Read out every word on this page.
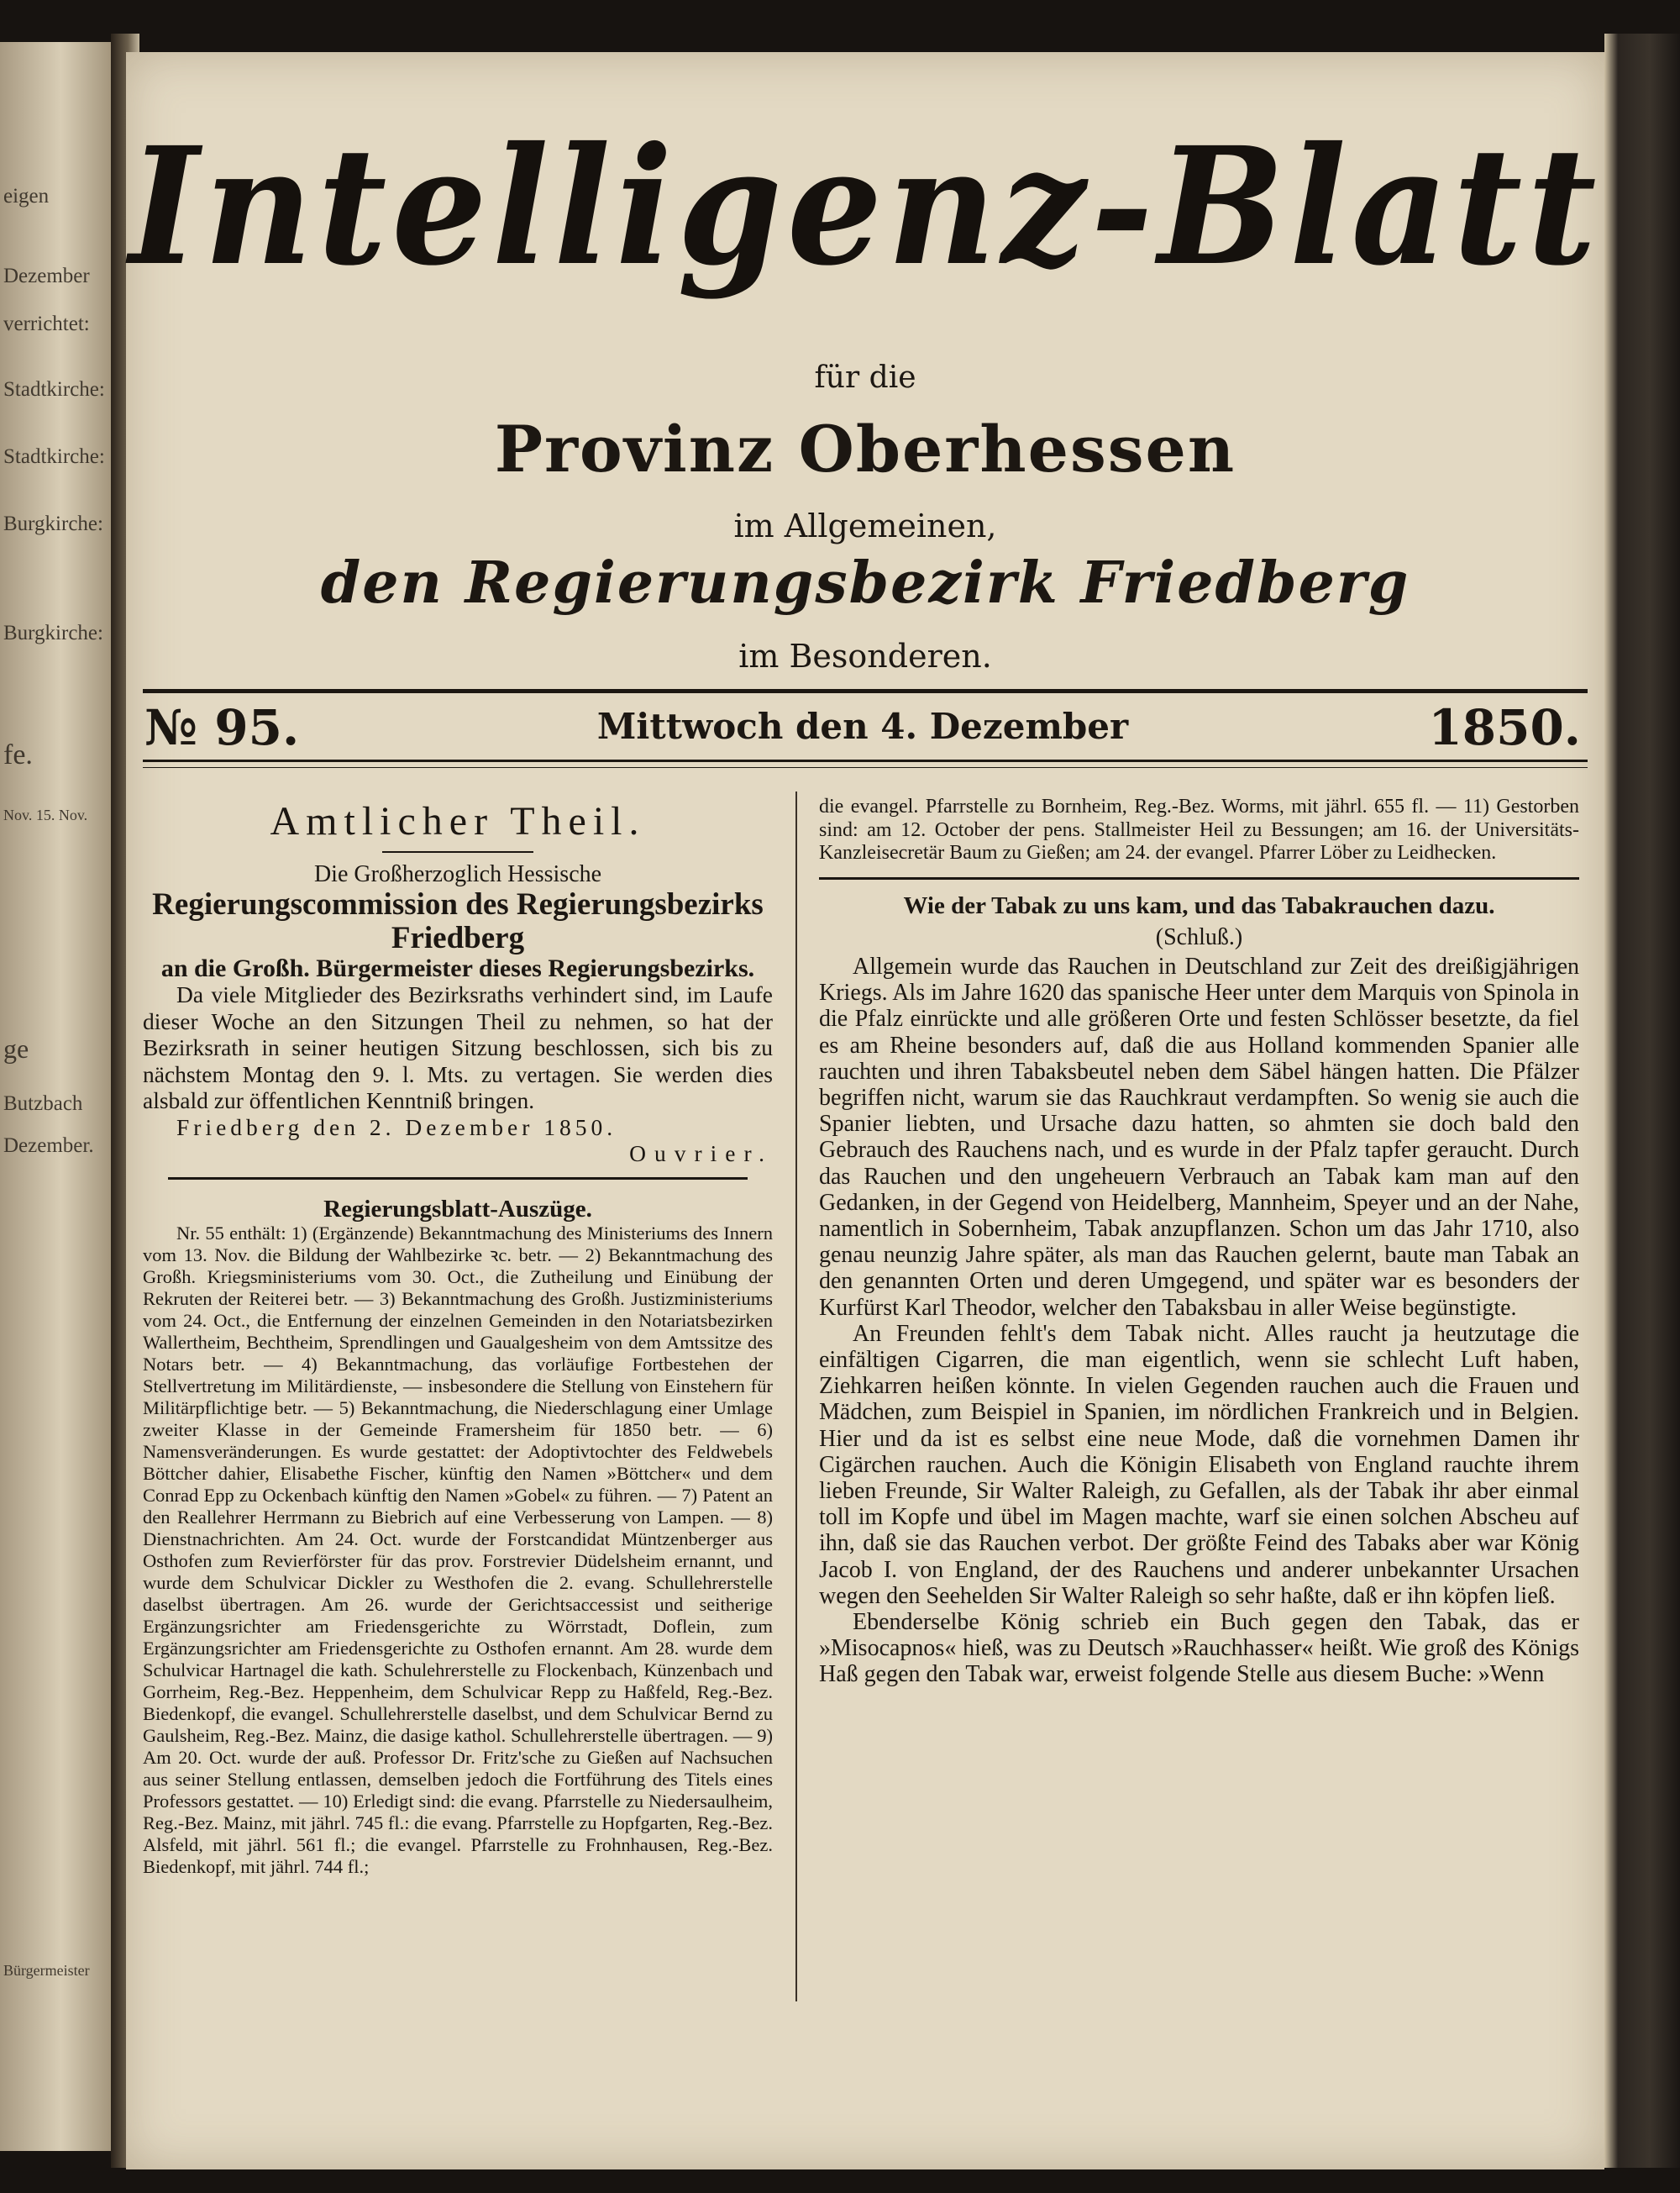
eigen
Dezember
verrichtet:
Stadtkirche:
Stadtkirche:
Burgkirche:
Burgkirche:
fe.
Nov. 15. Nov.
ge
Butzbach
Dezember.
Bürgermeister
Intelligenz-Blatt
für die
Provinz Oberhessen
im Allgemeinen,
den Regierungsbezirk Friedberg
im Besonderen.
№ 95.	Mittwoch den 4. Dezember	1850.
Amtlicher Theil.

Die Großherzoglich Hessische

Regierungscommission des Regierungsbezirks Friedberg

an die Großh. Bürgermeister dieses Regierungsbezirks.

Da viele Mitglieder des Bezirksraths verhindert sind, im Laufe dieser Woche an den Sitzungen Theil zu nehmen, so hat der Bezirksrath in seiner heutigen Sitzung beschlossen, sich bis zu nächstem Montag den 9. l. Mts. zu vertagen. Sie werden dies alsbald zur öffentlichen Kenntniß bringen.

Friedberg den 2. Dezember 1850.

Ouvrier.

Regierungsblatt-Auszüge.

Nr. 55 enthält: 1) (Ergänzende) Bekanntmachung des Ministeriums des Innern vom 13. Nov. die Bildung der Wahlbezirke ꝛc. betr. — 2) Bekanntmachung des Großh. Kriegsministeriums vom 30. Oct., die Zutheilung und Einübung der Rekruten der Reiterei betr. — 3) Bekanntmachung des Großh. Justizministeriums vom 24. Oct., die Entfernung der einzelnen Gemeinden in den Notariatsbezirken Wallertheim, Bechtheim, Sprendlingen und Gaualgesheim von dem Amtssitze des Notars betr. — 4) Bekanntmachung, das vorläufige Fortbestehen der Stellvertretung im Militärdienste, — insbesondere die Stellung von Einstehern für Militärpflichtige betr. — 5) Bekanntmachung, die Niederschlagung einer Umlage zweiter Klasse in der Gemeinde Framersheim für 1850 betr. — 6) Namensveränderungen. Es wurde gestattet: der Adoptivtochter des Feldwebels Böttcher dahier, Elisabethe Fischer, künftig den Namen »Böttcher« und dem Conrad Epp zu Ockenbach künftig den Namen »Gobel« zu führen. — 7) Patent an den Reallehrer Herrmann zu Biebrich auf eine Verbesserung von Lampen. — 8) Dienstnachrichten. Am 24. Oct. wurde der Forstcandidat Müntzenberger aus Osthofen zum Revierförster für das prov. Forstrevier Düdelsheim ernannt, und wurde dem Schulvicar Dickler zu Westhofen die 2. evang. Schullehrerstelle daselbst übertragen. Am 26. wurde der Gerichtsaccessist und seitherige Ergänzungsrichter am Friedensgerichte zu Wörrstadt, Doflein, zum Ergänzungsrichter am Friedensgerichte zu Osthofen ernannt. Am 28. wurde dem Schulvicar Hartnagel die kath. Schulehrerstelle zu Flockenbach, Künzenbach und Gorrheim, Reg.-Bez. Heppenheim, dem Schulvicar Repp zu Haßfeld, Reg.-Bez. Biedenkopf, die evangel. Schullehrerstelle daselbst, und dem Schulvicar Bernd zu Gaulsheim, Reg.-Bez. Mainz, die dasige kathol. Schullehrerstelle übertragen. — 9) Am 20. Oct. wurde der auß. Professor Dr. Fritz'sche zu Gießen auf Nachsuchen aus seiner Stellung entlassen, demselben jedoch die Fortführung des Titels eines Professors gestattet. — 10) Erledigt sind: die evang. Pfarrstelle zu Niedersaulheim, Reg.-Bez. Mainz, mit jährl. 745 fl.: die evang. Pfarrstelle zu Hopfgarten, Reg.-Bez. Alsfeld, mit jährl. 561 fl.; die evangel. Pfarrstelle zu Frohnhausen, Reg.-Bez. Biedenkopf, mit jährl. 744 fl.;

die evangel. Pfarrstelle zu Bornheim, Reg.-Bez. Worms, mit jährl. 655 fl. — 11) Gestorben sind: am 12. October der pens. Stallmeister Heil zu Bessungen; am 16. der Universitäts-Kanzleisecretär Baum zu Gießen; am 24. der evangel. Pfarrer Löber zu Leidhecken.

Wie der Tabak zu uns kam, und das Tabakrauchen dazu.

(Schluß.)

Allgemein wurde das Rauchen in Deutschland zur Zeit des dreißigjährigen Kriegs. Als im Jahre 1620 das spanische Heer unter dem Marquis von Spinola in die Pfalz einrückte und alle größeren Orte und festen Schlösser besetzte, da fiel es am Rheine besonders auf, daß die aus Holland kommenden Spanier alle rauchten und ihren Tabaksbeutel neben dem Säbel hängen hatten. Die Pfälzer begriffen nicht, warum sie das Rauchkraut verdampften. So wenig sie auch die Spanier liebten, und Ursache dazu hatten, so ahmten sie doch bald den Gebrauch des Rauchens nach, und es wurde in der Pfalz tapfer geraucht. Durch das Rauchen und den ungeheuern Verbrauch an Tabak kam man auf den Gedanken, in der Gegend von Heidelberg, Mannheim, Speyer und an der Nahe, namentlich in Sobernheim, Tabak anzupflanzen. Schon um das Jahr 1710, also genau neunzig Jahre später, als man das Rauchen gelernt, baute man Tabak an den genannten Orten und deren Umgegend, und später war es besonders der Kurfürst Karl Theodor, welcher den Tabaksbau in aller Weise begünstigte.

An Freunden fehlt's dem Tabak nicht. Alles raucht ja heutzutage die einfältigen Cigarren, die man eigentlich, wenn sie schlecht Luft haben, Ziehkarren heißen könnte. In vielen Gegenden rauchen auch die Frauen und Mädchen, zum Beispiel in Spanien, im nördlichen Frankreich und in Belgien. Hier und da ist es selbst eine neue Mode, daß die vornehmen Damen ihr Cigärchen rauchen. Auch die Königin Elisabeth von England rauchte ihrem lieben Freunde, Sir Walter Raleigh, zu Gefallen, als der Tabak ihr aber einmal toll im Kopfe und übel im Magen machte, warf sie einen solchen Abscheu auf ihn, daß sie das Rauchen verbot. Der größte Feind des Tabaks aber war König Jacob I. von England, der des Rauchens und anderer unbekannter Ursachen wegen den Seehelden Sir Walter Raleigh so sehr haßte, daß er ihn köpfen ließ.

Ebenderselbe König schrieb ein Buch gegen den Tabak, das er »Misocapnos« hieß, was zu Deutsch »Rauchhasser« heißt. Wie groß des Königs Haß gegen den Tabak war, erweist folgende Stelle aus diesem Buche: »Wenn
